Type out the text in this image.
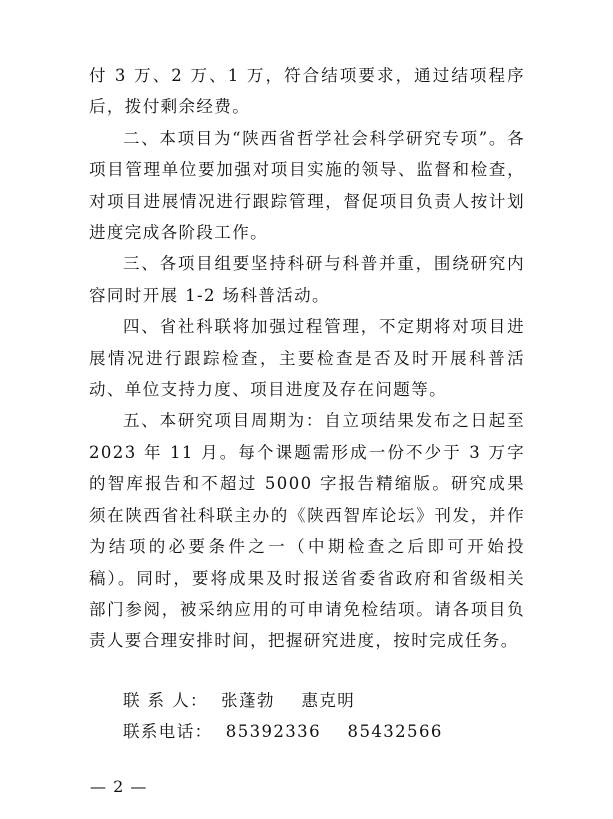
付 3 万、2 万、1 万，符合结项要求，通过结项程序后，拨付剩余经费。

二、本项目为“陕西省哲学社会科学研究专项”。各项目管理单位要加强对项目实施的领导、监督和检查，对项目进展情况进行跟踪管理，督促项目负责人按计划进度完成各阶段工作。

三、各项目组要坚持科研与科普并重，围绕研究内容同时开展 1-2 场科普活动。

四、省社科联将加强过程管理，不定期将对项目进展情况进行跟踪检查，主要检查是否及时开展科普活动、单位支持力度、项目进度及存在问题等。

五、本研究项目周期为：自立项结果发布之日起至 2023 年 11 月。每个课题需形成一份不少于 3 万字的智库报告和不超过 5000 字报告精缩版。研究成果须在陕西省社科联主办的《陕西智库论坛》刊发，并作为结项的必要条件之一（中期检查之后即可开始投稿）。同时，要将成果及时报送省委省政府和省级相关部门参阅，被采纳应用的可申请免检结项。请各项目负责人要合理安排时间，把握研究进度，按时完成任务。

联 系 人：  张蓬勃    惠克明
联系电话：  85392336    85432566
— 2 —
